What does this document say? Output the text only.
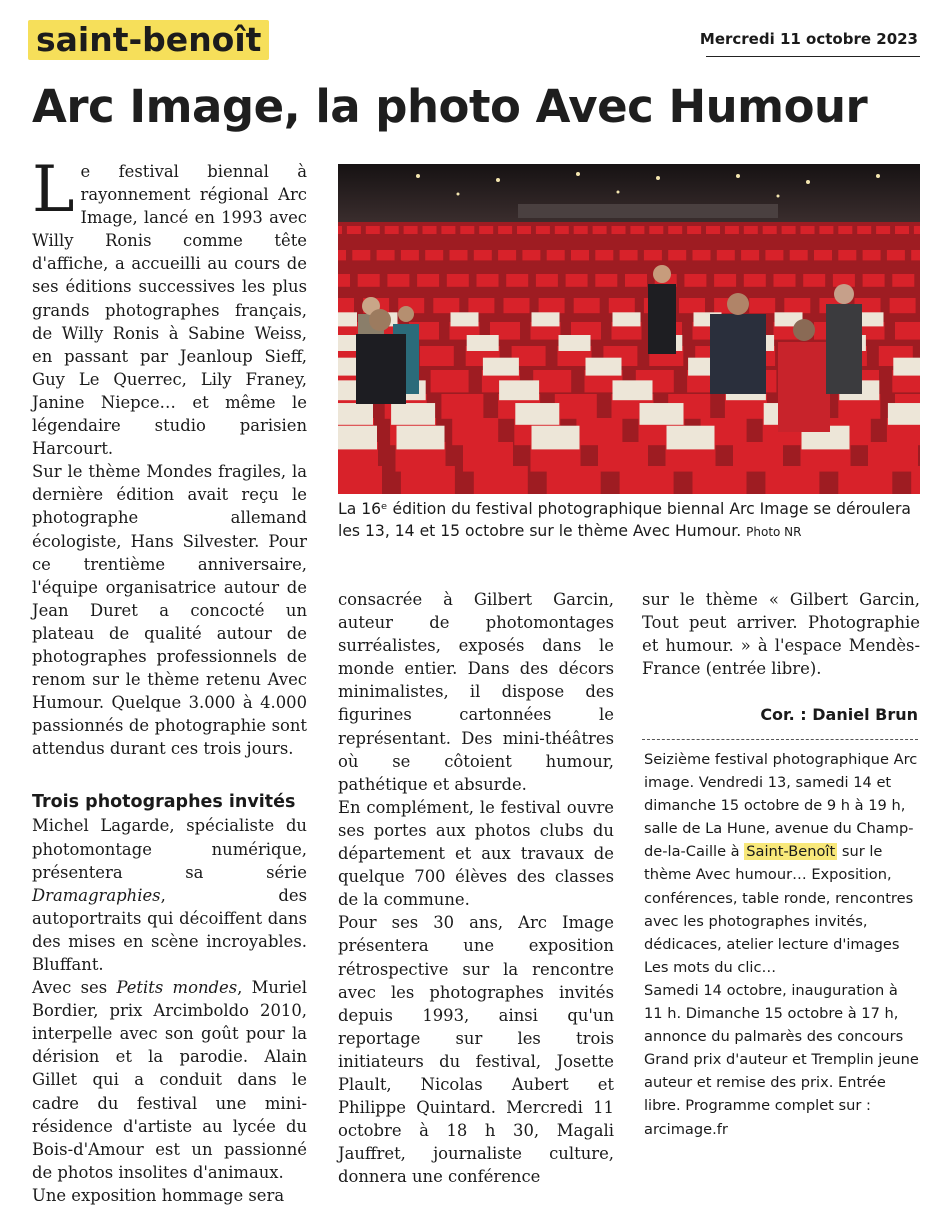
saint-benoît	Mercredi 11 octobre 2023
Arc Image, la photo Avec Humour

Le festival biennal à rayonnement régional Arc Image, lancé en 1993 avec Willy Ronis comme tête d'affiche, a accueilli au cours de ses éditions successives les plus grands photographes français, de Willy Ronis à Sabine Weiss, en passant par Jeanloup Sieff, Guy Le Querrec, Lily Franey, Janine Niepce… et même le légendaire studio parisien Harcourt.

Sur le thème Mondes fragiles, la dernière édition avait reçu le photographe allemand écologiste, Hans Silvester. Pour ce trentième anniversaire, l'équipe organisatrice autour de Jean Duret a concocté un plateau de qualité autour de photographes professionnels de renom sur le thème retenu Avec Humour. Quelque 3.000 à 4.000 passionnés de photographie sont attendus durant ces trois jours.

Trois photographes invités

Michel Lagarde, spécialiste du photomontage numérique, présentera sa série Dramagraphies, des autoportraits qui décoiffent dans des mises en scène incroyables. Bluffant.

Avec ses Petits mondes, Muriel Bordier, prix Arcimboldo 2010, interpelle avec son goût pour la dérision et la parodie. Alain Gillet qui a conduit dans le cadre du festival une mini-résidence d'artiste au lycée du Bois-d'Amour est un passionné de photos insolites d'animaux.

Une exposition hommage sera

La 16ᵉ édition du festival photographique biennal Arc Image se déroulera les 13, 14 et 15 octobre sur le thème Avec Humour. Photo NR

consacrée à Gilbert Garcin, auteur de photomontages surréalistes, exposés dans le monde entier. Dans des décors minimalistes, il dispose des figurines cartonnées le représentant. Des mini-théâtres où se côtoient humour, pathétique et absurde.

En complément, le festival ouvre ses portes aux photos clubs du département et aux travaux de quelque 700 élèves des classes de la commune.

Pour ses 30 ans, Arc Image présentera une exposition rétrospective sur la rencontre avec les photographes invités depuis 1993, ainsi qu'un reportage sur les trois initiateurs du festival, Josette Plault, Nicolas Aubert et Philippe Quintard. Mercredi 11 octobre à 18 h 30, Magali Jauffret, journaliste culture, donnera une conférence

sur le thème « Gilbert Garcin, Tout peut arriver. Photographie et humour. » à l'espace Mendès-France (entrée libre).

Cor. : Daniel Brun

Seizième festival photographique Arc image. Vendredi 13, samedi 14 et dimanche 15 octobre de 9 h à 19 h, salle de La Hune, avenue du Champ-de-la-Caille à Saint-Benoît sur le thème Avec humour… Exposition, conférences, table ronde, rencontres avec les photographes invités, dédicaces, atelier lecture d'images Les mots du clic…

Samedi 14 octobre, inauguration à 11 h. Dimanche 15 octobre à 17 h, annonce du palmarès des concours Grand prix d'auteur et Tremplin jeune auteur et remise des prix. Entrée libre. Programme complet sur : arcimage.fr
